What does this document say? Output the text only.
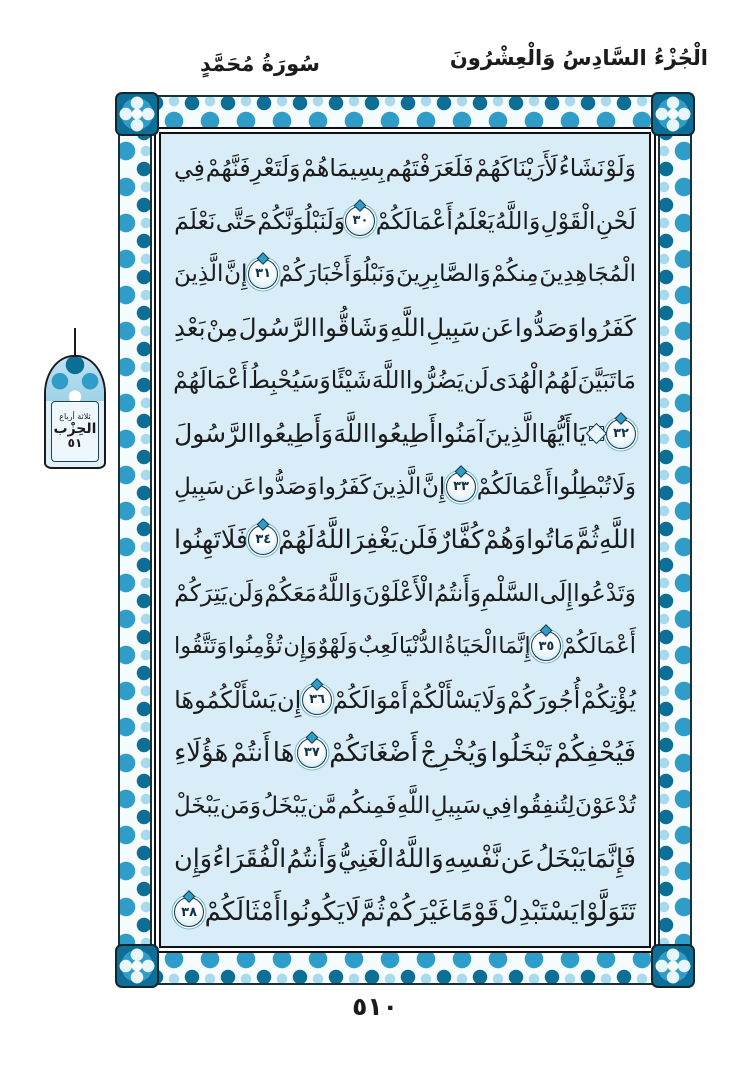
الْجُزْءُ السَّادِسُ وَالْعِشْرُونَ
سُورَةُ مُحَمَّدٍ
وَلَوْ
نَشَاءُ
لَأَرَيْنَاكَهُمْ
فَلَعَرَفْتَهُم
بِسِيمَاهُمْ
وَلَتَعْرِفَنَّهُمْ
فِي
لَحْنِ
الْقَوْلِ
وَاللَّهُ
يَعْلَمُ
أَعْمَالَكُمْ
٣٠
وَلَنَبْلُوَنَّكُمْ
حَتَّى
نَعْلَمَ
الْمُجَاهِدِينَ
مِنكُمْ
وَالصَّابِرِينَ
وَنَبْلُوَ
أَخْبَارَكُمْ
٣١
إِنَّ
الَّذِينَ
كَفَرُوا
وَصَدُّوا
عَن
سَبِيلِ
اللَّهِ
وَشَاقُّوا
الرَّسُولَ
مِنْ
بَعْدِ
مَا
تَبَيَّنَ
لَهُمُ
الْهُدَى
لَن
يَضُرُّوا
اللَّهَ
شَيْئًا
وَسَيُحْبِطُ
أَعْمَالَهُمْ
٣٢
يَا
أَيُّهَا
الَّذِينَ
آمَنُوا
أَطِيعُوا
اللَّهَ
وَأَطِيعُوا
الرَّسُولَ
وَلَا
تُبْطِلُوا
أَعْمَالَكُمْ
٣٣
إِنَّ
الَّذِينَ
كَفَرُوا
وَصَدُّوا
عَن
سَبِيلِ
اللَّهِ
ثُمَّ
مَاتُوا
وَهُمْ
كُفَّارٌ
فَلَن
يَغْفِرَ
اللَّهُ
لَهُمْ
٣٤
فَلَا
تَهِنُوا
وَتَدْعُوا
إِلَى
السَّلْمِ
وَأَنتُمُ
الْأَعْلَوْنَ
وَاللَّهُ
مَعَكُمْ
وَلَن
يَتِرَكُمْ
أَعْمَالَكُمْ
٣٥
إِنَّمَا
الْحَيَاةُ
الدُّنْيَا
لَعِبٌ
وَلَهْوٌ
وَإِن
تُؤْمِنُوا
وَتَتَّقُوا
يُؤْتِكُمْ
أُجُورَكُمْ
وَلَا
يَسْأَلْكُمْ
أَمْوَالَكُمْ
٣٦
إِن
يَسْأَلْكُمُوهَا
فَيُحْفِكُمْ
تَبْخَلُوا
وَيُخْرِجْ
أَضْغَانَكُمْ
٣٧
هَا
أَنتُمْ
هَؤُلَاءِ
تُدْعَوْنَ
لِتُنفِقُوا
فِي
سَبِيلِ
اللَّهِ
فَمِنكُم
مَّن
يَبْخَلُ
وَمَن
يَبْخَلْ
فَإِنَّمَا
يَبْخَلُ
عَن
نَّفْسِهِ
وَاللَّهُ
الْغَنِيُّ
وَأَنتُمُ
الْفُقَرَاءُ
وَإِن
تَتَوَلَّوْا
يَسْتَبْدِلْ
قَوْمًا
غَيْرَكُمْ
ثُمَّ
لَا
يَكُونُوا
أَمْثَالَكُمْ
٣٨
ثلاثة أرباع
الحِزْب
٥١
٥١٠
